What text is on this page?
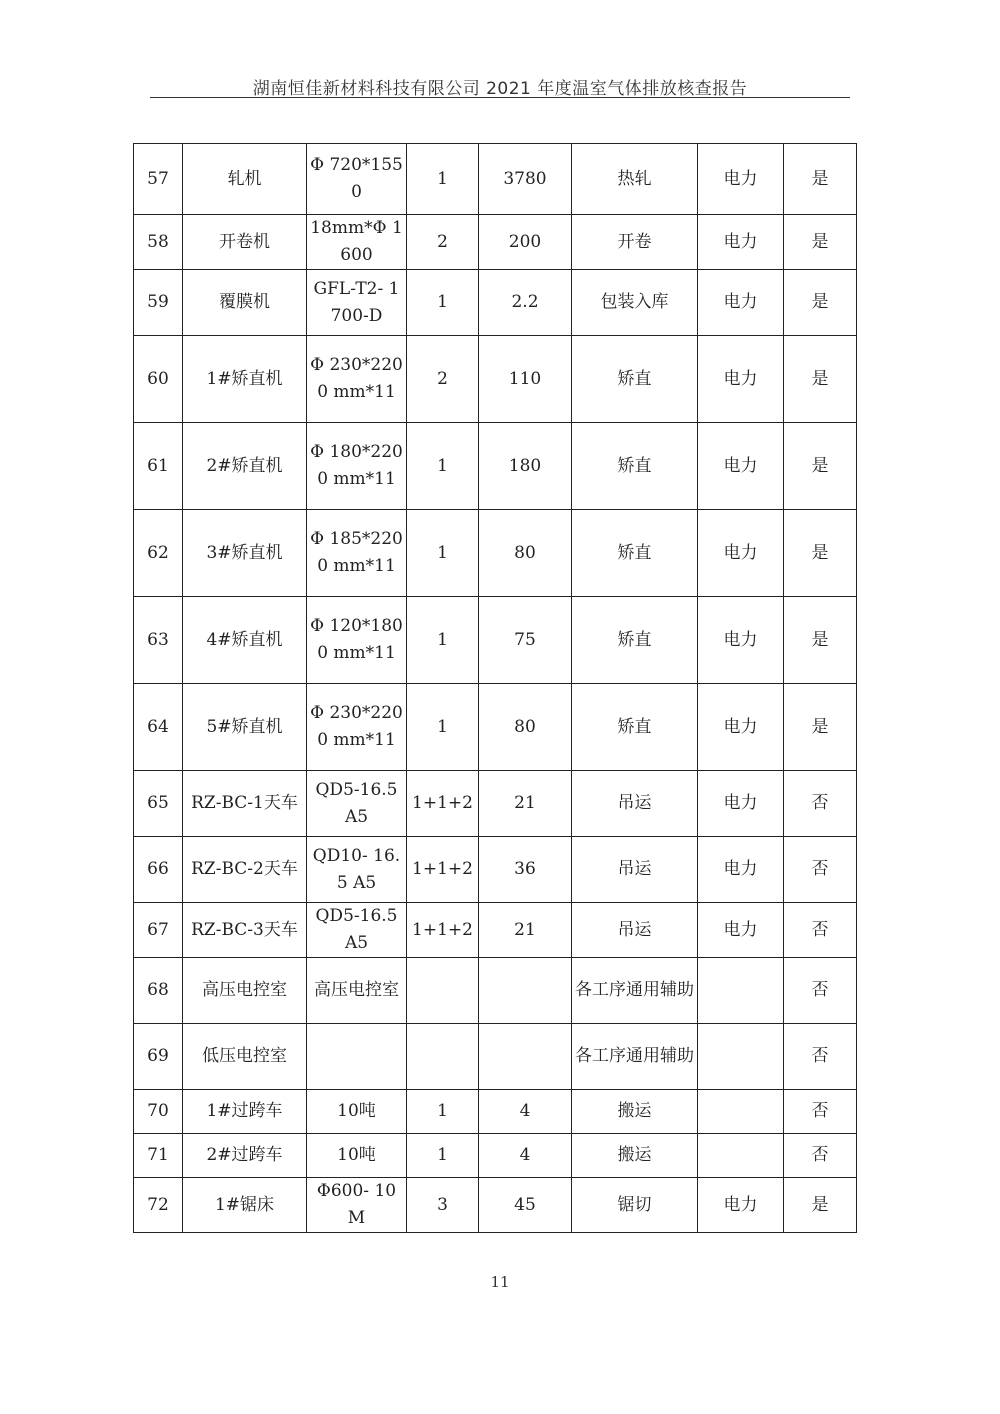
湖南恒佳新材料科技有限公司 2021 年度温室气体排放核查报告
57	轧机	Φ 720*1550	1	3780	热轧	电力	是
58	开卷机	18mm*Φ 1600	2	200	开卷	电力	是
59	覆膜机	GFL-T2- 1700-D	1	2.2	包装入库	电力	是
60	1#矫直机	Φ 230*2200 mm*11	2	110	矫直	电力	是
61	2#矫直机	Φ 180*2200 mm*11	1	180	矫直	电力	是
62	3#矫直机	Φ 185*2200 mm*11	1	80	矫直	电力	是
63	4#矫直机	Φ 120*1800 mm*11	1	75	矫直	电力	是
64	5#矫直机	Φ 230*2200 mm*11	1	80	矫直	电力	是
65	RZ-BC-1天车	QD5-16.5 A5	1+1+2	21	吊运	电力	否
66	RZ-BC-2天车	QD10- 16.5 A5	1+1+2	36	吊运	电力	否
67	RZ-BC-3天车	QD5-16.5 A5	1+1+2	21	吊运	电力	否
68	高压电控室	高压电控室			各工序通用辅助		否
69	低压电控室				各工序通用辅助		否
70	1#过跨车	10吨	1	4	搬运		否
71	2#过跨车	10吨	1	4	搬运		否
72	1#锯床	Φ600- 10M	3	45	锯切	电力	是
11
